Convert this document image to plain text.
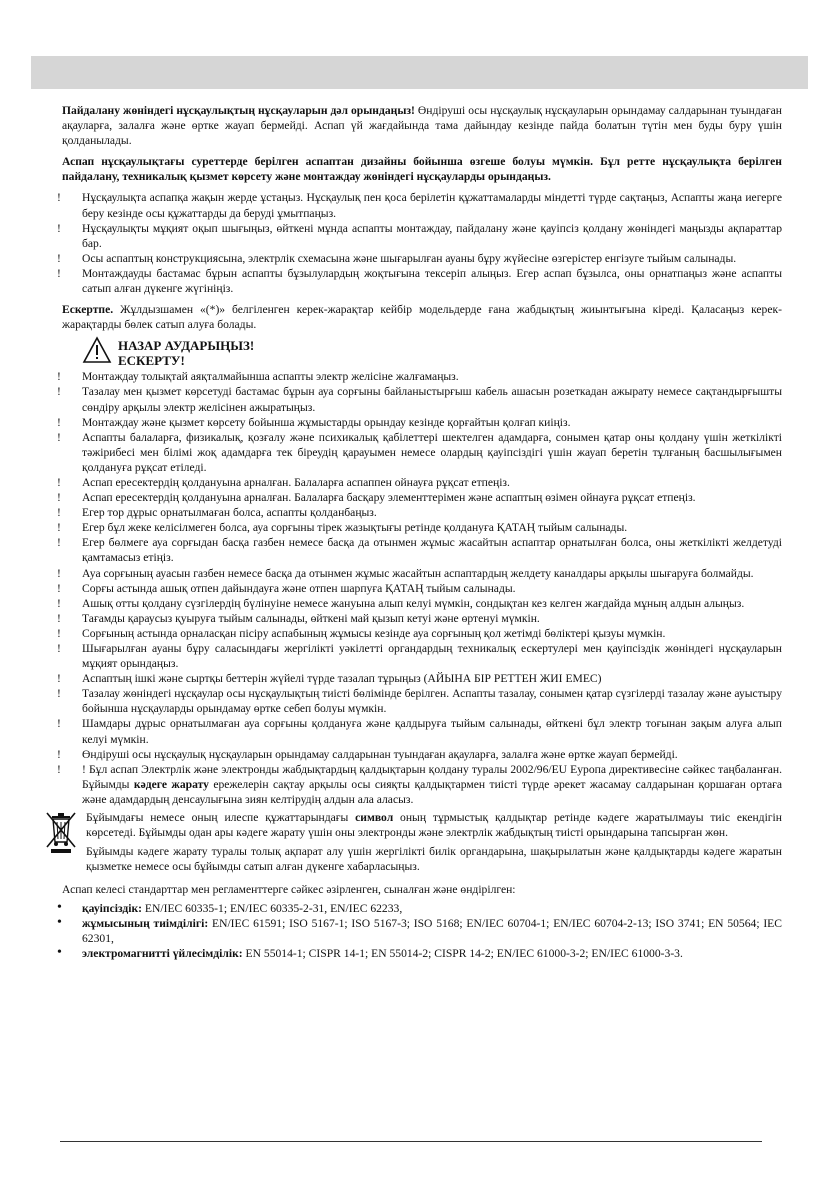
Пайдалану жөніндегі нұсқаулықтың нұсқауларын дәл орындаңыз! Өндіруші осы нұсқаулық нұсқауларын орындамау салдарынан туындаған ақауларға, залалға және өртке жауап бермейді. Аспап үй жағдайында тама дайындау кезінде пайда болатын түтін мен буды буру үшін қолданылады.

Аспап нұсқаулықтағы суреттерде берілген аспаптан дизайны бойынша өзгеше болуы мүмкін. Бұл ретте нұсқаулықта берілген пайдалану, техникалық қызмет көрсету және монтаждау жөніндегі нұсқауларды орындаңыз.

! Нұсқаулықта аспапқа жақын жерде ұстаңыз. Нұсқаулық пен қоса берілетін құжаттамаларды міндетті түрде сақтаңыз, Аспапты жаңа иегерге беру кезінде осы құжаттарды да беруді ұмытпаңыз.
! Нұсқаулықты мұқият оқып шығыңыз, өйткені мұнда аспапты монтаждау, пайдалану және қауіпсіз қолдану жөніндегі маңызды ақпараттар бар.
! Осы аспаптың конструкциясына, электрлік схемасына және шығарылған ауаны бұру жүйесіне өзгерістер енгізуге тыйым салынады.
! Монтаждауды бастамас бұрын аспапты бұзылулардың жоқтығына тексеріп алыңыз. Егер аспап бұзылса, оны орнатпаңыз және аспапты сатып алған дүкенге жүгініңіз.

Ескертпе. Жұлдызшамен «(*)» белгіленген керек-жарақтар кейбір модельдерде ғана жабдықтың жиынтығына кіреді. Қаласаңыз керек-жарақтарды бөлек сатып алуға болады.

НАЗАР АУДАРЫҢЫЗ!
ЕСКЕРТУ!
! Монтаждау толықтай аяқталмайынша аспапты электр желісіне жалғамаңыз.
! Тазалау мен қызмет көрсетуді бастамас бұрын ауа сорғыны байланыстырғыш кабель ашасын розеткадан ажырату немесе сақтандырғышты сөндіру арқылы электр желісінен ажыратыңыз.
! Монтаждау және қызмет көрсету бойынша жұмыстарды орындау кезінде қорғайтын қолғап киіңіз.
! Аспапты балаларға, физикалық, қозғалу және психикалық қабілеттері шектелген адамдарға, сонымен қатар оны қолдану үшін жеткілікті тәжірибесі мен білімі жоқ адамдарға тек біреудің қарауымен немесе олардың қауіпсіздігі үшін жауап беретін тұлғаның басшылығымен қолдануға рұқсат етіледі.
! Аспап ересектердің қолдануына арналған. Балаларға аспаппен ойнауға рұқсат етпеңіз.
! Аспап ересектердің қолдануына арналған. Балаларға басқару элементтерімен және аспаптың өзімен ойнауға рұқсат етпеңіз.
! Егер тор дұрыс орнатылмаған болса, аспапты қолданбаңыз.
! Егер бұл жеке келісілмеген болса, ауа сорғыны тірек жазықтығы ретінде қолдануға ҚАТАҢ тыйым салынады.
! Егер бөлмеге ауа сорғыдан басқа газбен немесе басқа да отынмен жұмыс жасайтын аспаптар орнатылған болса, оны жеткілікті желдетуді қамтамасыз етіңіз.
! Ауа сорғының ауасын газбен немесе басқа да отынмен жұмыс жасайтын аспаптардың желдету каналдары арқылы шығаруға болмайды.
! Сорғы астында ашық отпен дайындауға және отпен шарпуға ҚАТАҢ тыйым салынады.
! Ашық отты қолдану сүзгілердің бүлінуіне немесе жануына алып келуі мүмкін, сондықтан кез келген жағдайда мұның алдын алыңыз.
! Тағамды қараусыз қуыруға тыйым салынады, өйткені май қызып кетуі және өртенуі мүмкін.
! Сорғының астында орналасқан пісіру аспабының жұмысы кезінде ауа сорғының қол жетімді бөліктері қызуы мүмкін.
! Шығарылған ауаны бұру саласындағы жергілікті уәкілетті органдардың техникалық ескертулері мен қауіпсіздік жөніндегі нұсқауларын мұқият орындаңыз.
! Аспаптың ішкі және сыртқы беттерін жүйелі түрде тазалап тұрыңыз (АЙЫНА БІР РЕТТЕН ЖИІ ЕМЕС)
! Тазалау жөніндегі нұсқаулар осы нұсқаулықтың тиісті бөлімінде берілген. Аспапты тазалау, сонымен қатар сүзгілерді тазалау және ауыстыру бойынша нұсқауларды орындамау өртке себеп болуы мүмкін.
! Шамдары дұрыс орнатылмаған ауа сорғыны қолдануға және қалдыруға тыйым салынады, өйткені бұл электр тоғынан зақым алуға алып келуі мүмкін.
! Өндіруші осы нұсқаулық нұсқауларын орындамау салдарынан туындаған ақауларға, залалға және өртке жауап бермейді.
! ! Бұл аспап Электрлік және электронды жабдықтардың қалдықтарын қолдану туралы 2002/96/EU Еуропа директивесіне сәйкес таңбаланған. Бұйымды кәдеге жарату ережелерін сақтау арқылы осы сияқты қалдықтармен тиісті түрде әрекет жасамау салдарынан қоршаған ортаға және адамдардың денсаулығына зиян келтірудің алдын ала аласыз.

Бұйымдағы немесе оның илеспе құжаттарындағы символ оның тұрмыстық қалдықтар ретінде кәдеге жаратылмауы тиіс екендігін көрсетеді. Бұйымды одан ары кәдеге жарату үшін оны электронды және электрлік жабдықтың тиісті орындарына тапсырған жөн.

Бұйымды кәдеге жарату туралы толық ақпарат алу үшін жергілікті билік органдарына, шақырылатын және қалдықтарды кәдеге жаратын қызметке немесе осы бұйымды сатып алған дүкенге хабарласыңыз.

Аспап келесі стандарттар мен регламенттерге сәйкес әзірленген, сыналған және өндірілген:

• қауіпсіздік: EN/IEC 60335-1; EN/IEC 60335-2-31, EN/IEC 62233,
• жұмысының тиімділігі: EN/IEC 61591; ISO 5167-1; ISO 5167-3; ISO 5168; EN/IEC 60704-1; EN/IEC 60704-2-13; ISO 3741; EN 50564; IEC 62301,
• электромагнитті үйлесімділік: EN 55014-1; CISPR 14-1; EN 55014-2; CISPR 14-2; EN/IEC 61000-3-2; EN/IEC 61000-3-3.
